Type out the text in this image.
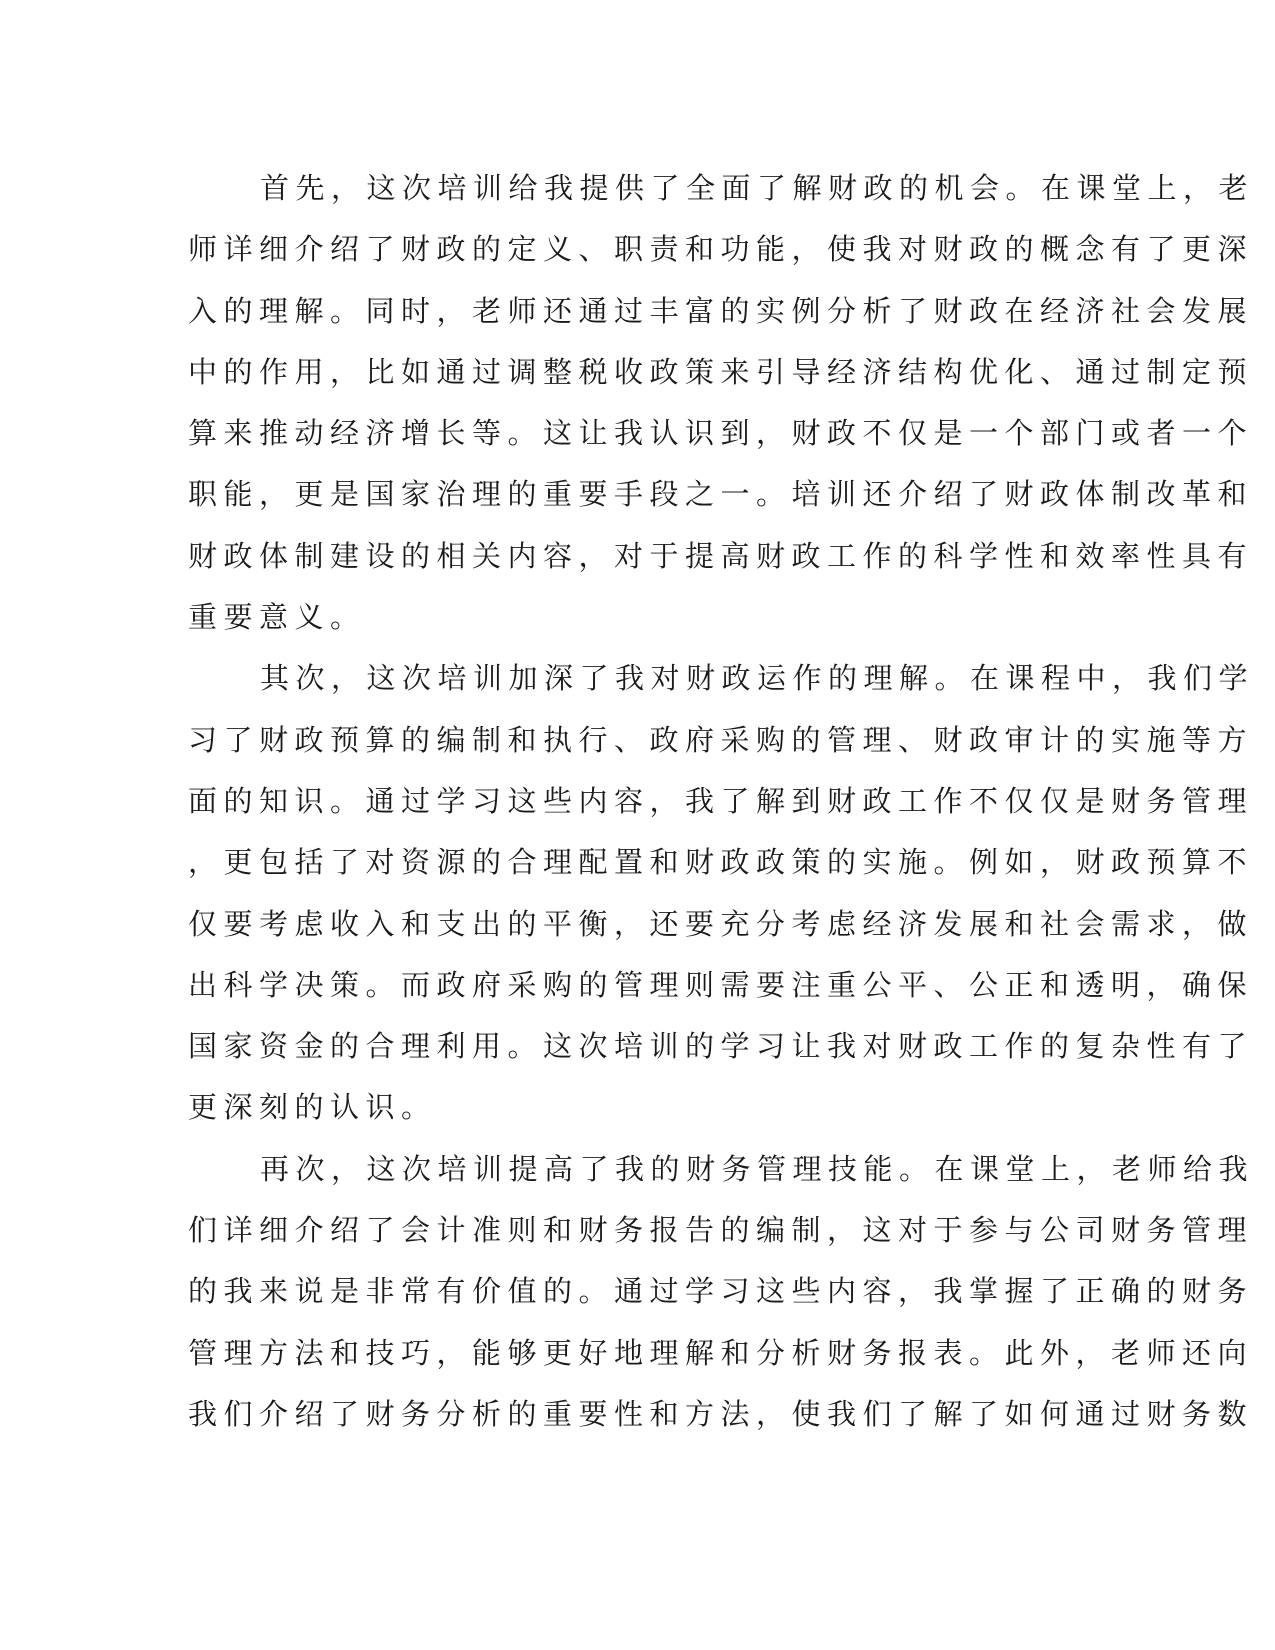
首先，这次培训给我提供了全面了解财政的机会。在课堂上，老
师详细介绍了财政的定义、职责和功能，使我对财政的概念有了更深
入的理解。同时，老师还通过丰富的实例分析了财政在经济社会发展
中的作用，比如通过调整税收政策来引导经济结构优化、通过制定预
算来推动经济增长等。这让我认识到，财政不仅是一个部门或者一个
职能，更是国家治理的重要手段之一。培训还介绍了财政体制改革和
财政体制建设的相关内容，对于提高财政工作的科学性和效率性具有
重要意义。
其次，这次培训加深了我对财政运作的理解。在课程中，我们学
习了财政预算的编制和执行、政府采购的管理、财政审计的实施等方
面的知识。通过学习这些内容，我了解到财政工作不仅仅是财务管理
，更包括了对资源的合理配置和财政政策的实施。例如，财政预算不
仅要考虑收入和支出的平衡，还要充分考虑经济发展和社会需求，做
出科学决策。而政府采购的管理则需要注重公平、公正和透明，确保
国家资金的合理利用。这次培训的学习让我对财政工作的复杂性有了
更深刻的认识。
再次，这次培训提高了我的财务管理技能。在课堂上，老师给我
们详细介绍了会计准则和财务报告的编制，这对于参与公司财务管理
的我来说是非常有价值的。通过学习这些内容，我掌握了正确的财务
管理方法和技巧，能够更好地理解和分析财务报表。此外，老师还向
我们介绍了财务分析的重要性和方法，使我们了解了如何通过财务数
